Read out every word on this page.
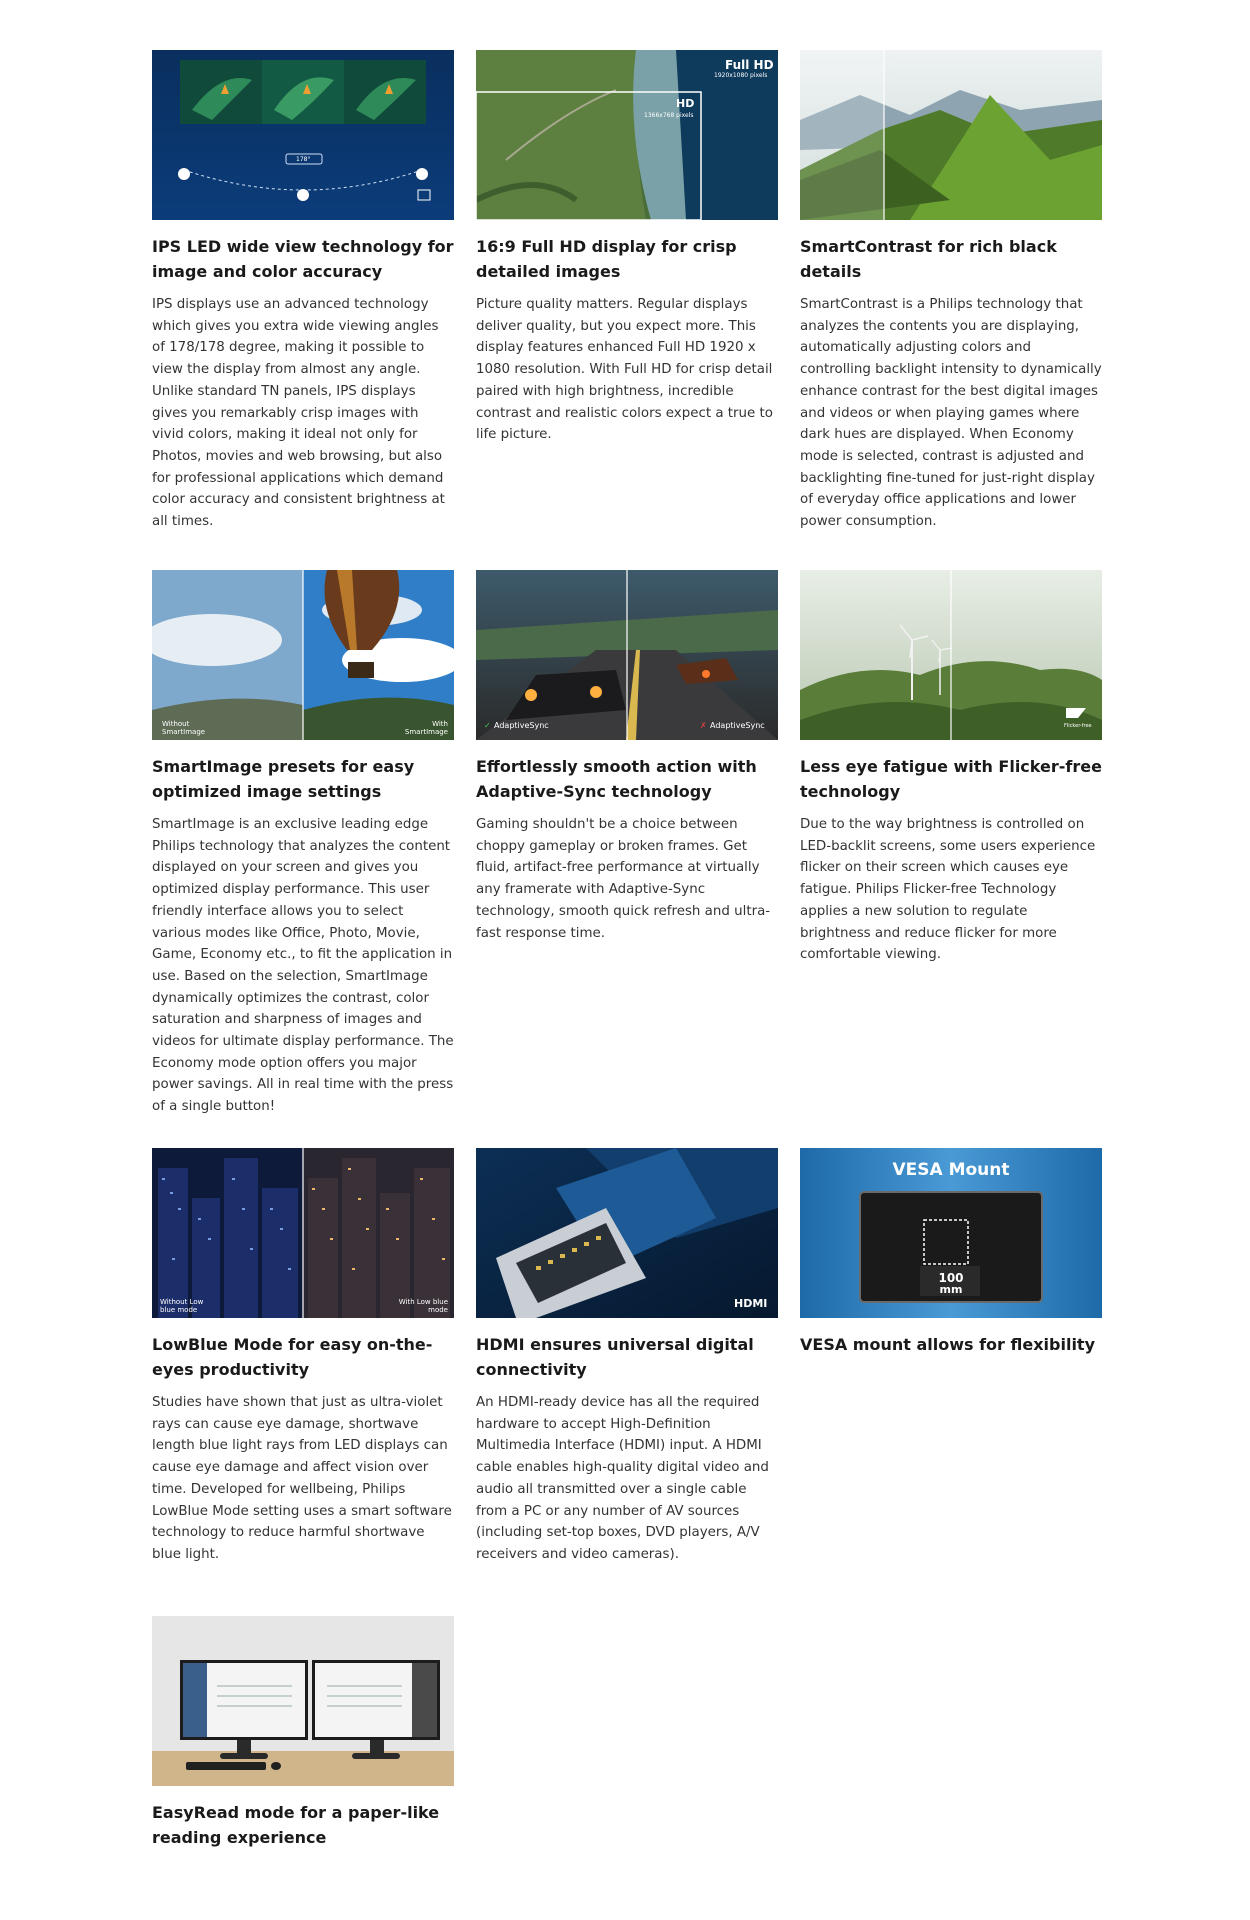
178°
IPS LED wide view technology for image and color accuracy
IPS displays use an advanced technology which gives you extra wide viewing angles of 178/178 degree, making it possible to view the display from almost any angle. Unlike standard TN panels, IPS displays gives you remarkably crisp images with vivid colors, making it ideal not only for Photos, movies and web browsing, but also for professional applications which demand color accuracy and consistent brightness at all times.
Full HD
1920x1080 pixels
HD
1366x768 pixels
16:9 Full HD display for crisp detailed images
Picture quality matters. Regular displays deliver quality, but you expect more. This display features enhanced Full HD 1920 x 1080 resolution. With Full HD for crisp detail paired with high brightness, incredible contrast and realistic colors expect a true to life picture.
SmartContrast for rich black details
SmartContrast is a Philips technology that analyzes the contents you are displaying, automatically adjusting colors and controlling backlight intensity to dynamically enhance contrast for the best digital images and videos or when playing games where dark hues are displayed. When Economy mode is selected, contrast is adjusted and backlighting fine-tuned for just-right display of everyday office applications and lower power consumption.
Without SmartImage
With SmartImage
SmartImage presets for easy optimized image settings
SmartImage is an exclusive leading edge Philips technology that analyzes the content displayed on your screen and gives you optimized display performance. This user friendly interface allows you to select various modes like Office, Photo, Movie, Game, Economy etc., to fit the application in use. Based on the selection, SmartImage dynamically optimizes the contrast, color saturation and sharpness of images and videos for ultimate display performance. The Economy mode option offers you major power savings. All in real time with the press of a single button!
✓	✗
AdaptiveSync	AdaptiveSync
Effortlessly smooth action with Adaptive-Sync technology
Gaming shouldn't be a choice between choppy gameplay or broken frames. Get fluid, artifact-free performance at virtually any framerate with Adaptive-Sync technology, smooth quick refresh and ultra-fast response time.
Flicker-free
Less eye fatigue with Flicker-free technology
Due to the way brightness is controlled on LED-backlit screens, some users experience flicker on their screen which causes eye fatigue. Philips Flicker-free Technology applies a new solution to regulate brightness and reduce flicker for more comfortable viewing.
Without Low blue mode
With Low blue mode
LowBlue Mode for easy on-the-eyes productivity
Studies have shown that just as ultra-violet rays can cause eye damage, shortwave length blue light rays from LED displays can cause eye damage and affect vision over time. Developed for wellbeing, Philips LowBlue Mode setting uses a smart software technology to reduce harmful shortwave blue light.
HDMI
HDMI ensures universal digital connectivity
An HDMI-ready device has all the required hardware to accept High-Definition Multimedia Interface (HDMI) input. A HDMI cable enables high-quality digital video and audio all transmitted over a single cable from a PC or any number of AV sources (including set-top boxes, DVD players, A/V receivers and video cameras).
VESA Mount
100
mm
VESA mount allows for flexibility
EasyRead mode for a paper-like reading experience
